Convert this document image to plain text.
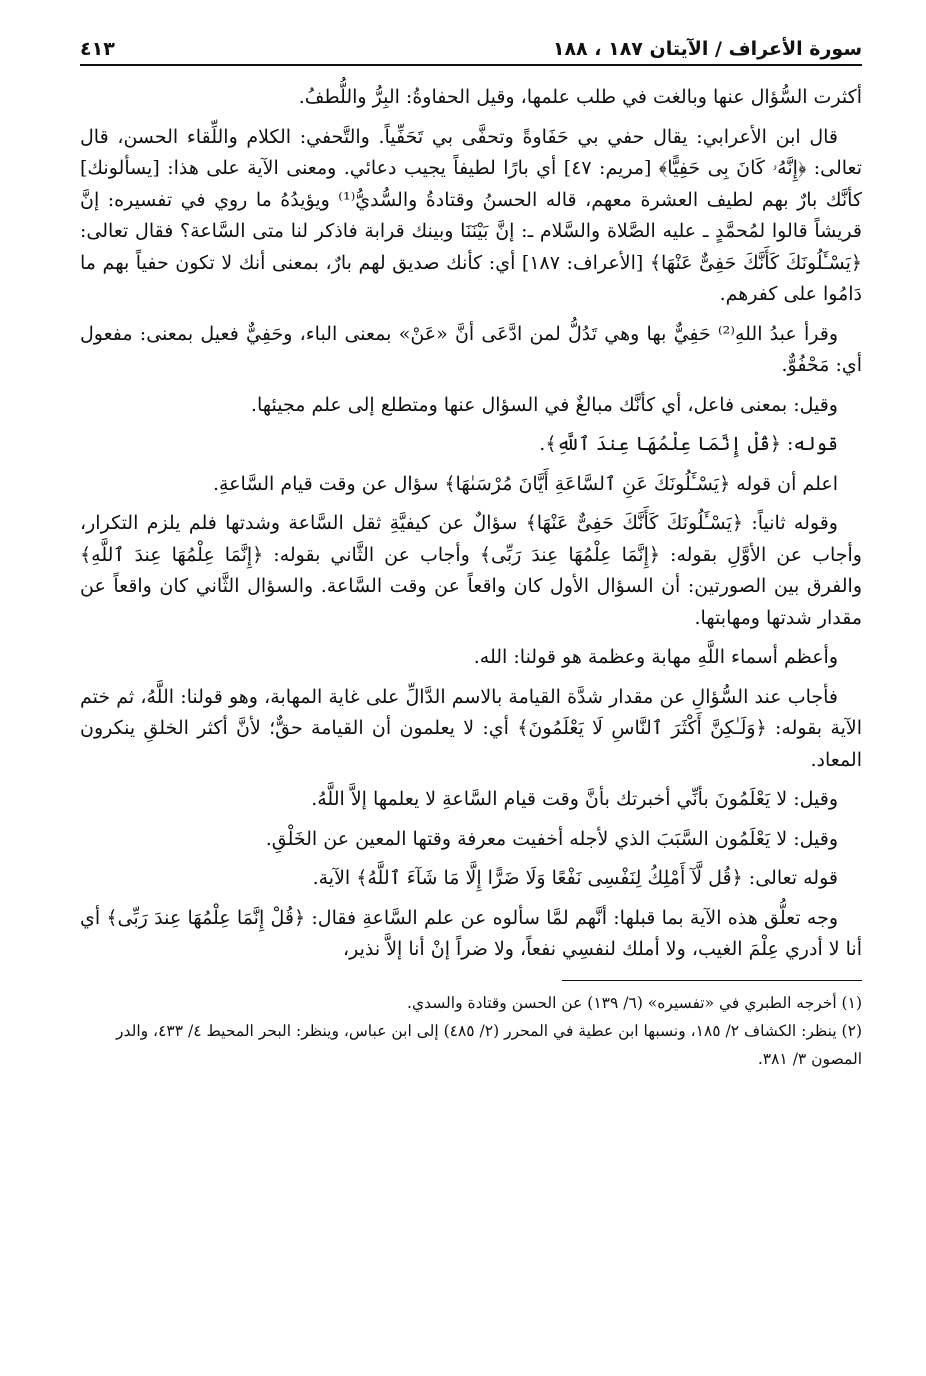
سورة الأعراف / الآيتان ١٨٧ ، ١٨٨
٤١٣

أكثرت السُّؤال عنها وبالغت في طلب علمها، وقيل الحفاوةُ: البِرُّ واللُّطفُ.

قال ابن الأعرابي: يقال حفي بي حَفَاوةً وتحفَّى بي تَحَفِّياً. والتَّحفي: الكلام واللِّقاء الحسن، قال تعالى: ﴿إِنَّهُۥ كَانَ بِى حَفِيًّا﴾ [مريم: ٤٧] أي بارًا لطيفاً يجيب دعائي. ومعنى الآية على هذا: [يسألونك] كأنَّك بارٌ بهم لطيف العشرة معهم، قاله الحسنُ وقتادةُ والسُّديُّ⁽¹⁾ ويؤيدُهُ ما روي في تفسيره: إنَّ قريشاً قالوا لمُحمَّدٍ ـ عليه الصَّلاة والسَّلام ـ: إنَّ بَيْنَنَا وبينك قرابة فاذكر لنا متى السَّاعة؟ فقال تعالى: ﴿يَسْـَٔلُونَكَ كَأَنَّكَ حَفِىٌّ عَنْهَا﴾ [الأعراف: ١٨٧] أي: كأنك صديق لهم بارٌ، بمعنى أنك لا تكون حفياً بهم ما دَامُوا على كفرهم.

وقرأ عبدُ اللهِ⁽²⁾ حَفِيٌّ بها وهي تَدُلُّ لمن ادَّعَى أنَّ «عَنْ» بمعنى الباء، وحَفِيٌّ فعيل بمعنى: مفعول أي: مَحْفُوٌّ.

وقيل: بمعنى فاعل، أي كأنَّك مبالغٌ في السؤال عنها ومتطلع إلى علم مجيئها.

قوله: ﴿قُلْ إِنَّمَا عِلْمُهَا عِندَ ٱللَّهِ﴾.

اعلم أن قوله ﴿يَسْـَٔلُونَكَ عَنِ ٱلسَّاعَةِ أَيَّانَ مُرْسَىٰهَا﴾ سؤال عن وقت قيام السَّاعةِ.

وقوله ثانياً: ﴿يَسْـَٔلُونَكَ كَأَنَّكَ حَفِىٌّ عَنْهَا﴾ سؤالٌ عن كيفيَّةِ ثقل السَّاعة وشدتها فلم يلزم التكرار، وأجاب عن الأوَّلِ بقوله: ﴿إِنَّمَا عِلْمُهَا عِندَ رَبِّى﴾ وأجاب عن الثَّاني بقوله: ﴿إِنَّمَا عِلْمُهَا عِندَ ٱللَّهِ﴾ والفرق بين الصورتين: أن السؤال الأول كان واقعاً عن وقت السَّاعة. والسؤال الثَّاني كان واقعاً عن مقدار شدتها ومهابتها.

وأعظم أسماء اللَّهِ مهابة وعظمة هو قولنا: الله.

فأجاب عند السُّؤالِ عن مقدار شدَّة القيامة بالاسم الدَّالِّ على غاية المهابة، وهو قولنا: اللَّهُ، ثم ختم الآية بقوله: ﴿وَلَـٰكِنَّ أَكْثَرَ ٱلنَّاسِ لَا يَعْلَمُونَ﴾ أي: لا يعلمون أن القيامة حقٌّ؛ لأنَّ أكثر الخلقِ ينكرون المعاد.

وقيل: لا يَعْلَمُونَ بأنِّي أخبرتك بأنَّ وقت قيام السَّاعةِ لا يعلمها إلاَّ اللَّهُ.

وقيل: لا يَعْلَمُون السَّبَبَ الذي لأجله أخفيت معرفة وقتها المعين عن الخَلْقِ.

قوله تعالى: ﴿قُل لَّآ أَمْلِكُ لِنَفْسِى نَفْعًا وَلَا ضَرًّا إِلَّا مَا شَآءَ ٱللَّهُ﴾ الآية.

وجه تعلُّق هذه الآية بما قبلها: أنَّهم لمَّا سألوه عن علم السَّاعةِ فقال: ﴿قُلْ إِنَّمَا عِلْمُهَا عِندَ رَبِّى﴾ أي أنا لا أدري عِلْمَ الغيب، ولا أملك لنفسِي نفعاً، ولا ضراً إنْ أنا إلاَّ نذير،

(١) أخرجه الطبري في «تفسيره» (٦/ ١٣٩) عن الحسن وقتادة والسدي.

(٢) ينظر: الكشاف ٢/ ١٨٥، ونسبها ابن عطية في المحرر (٢/ ٤٨٥) إلى ابن عباس، وينظر: البحر المحيط ٤/ ٤٣٣، والدر المصون ٣/ ٣٨١.
